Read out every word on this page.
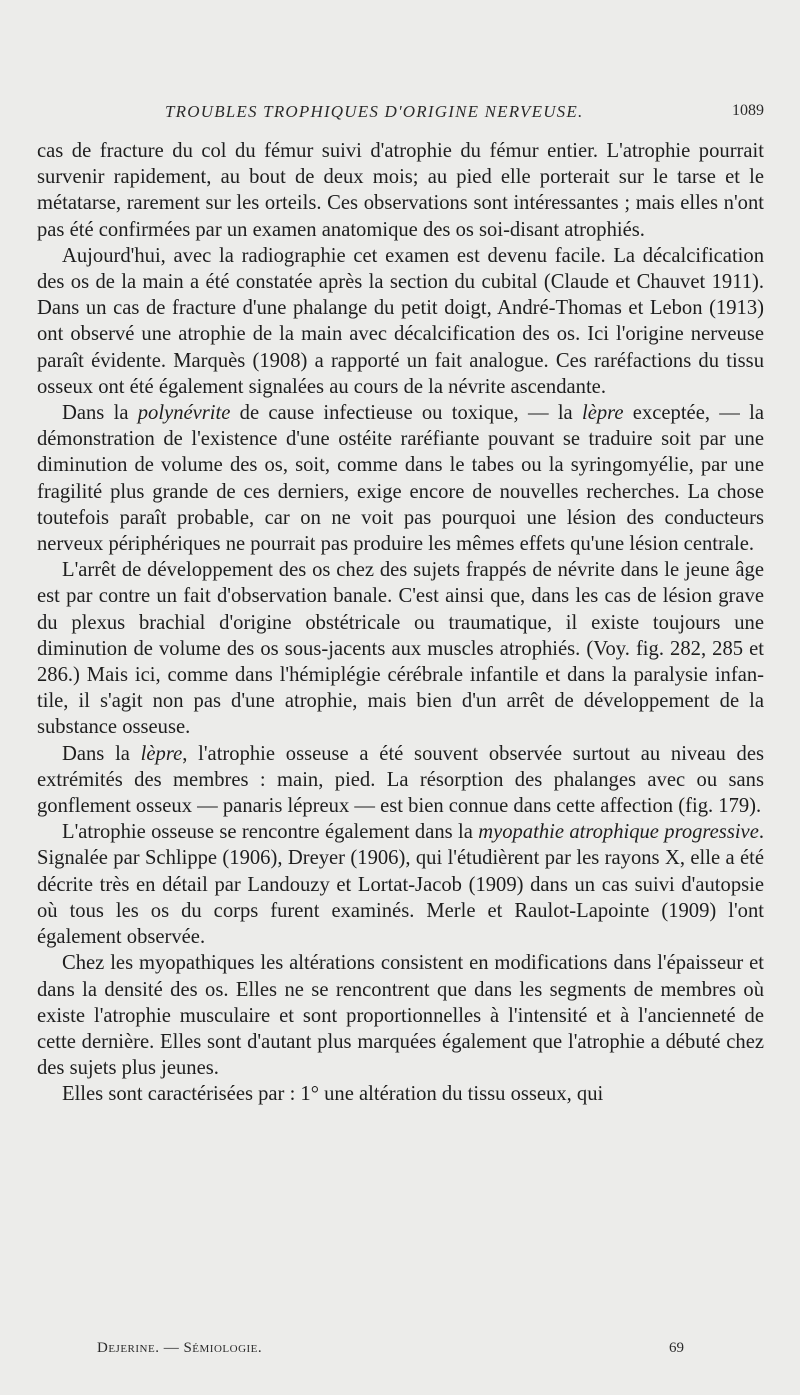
TROUBLES TROPHIQUES D'ORIGINE NERVEUSE.	1089

cas de fracture du col du fémur suivi d'atrophie du fémur entier. L'atrophie pourrait survenir rapidement, au bout de deux mois; au pied elle porterait sur le tarse et le métatarse, rarement sur les orteils. Ces observations sont intéressantes ; mais elles n'ont pas été confirmées par un examen anatomique des os soi-disant atrophiés.

Aujourd'hui, avec la radiographie cet examen est devenu facile. La décalcification des os de la main a été constatée après la section du cubital (Claude et Chauvet 1911). Dans un cas de fracture d'une phalange du petit doigt, André-Thomas et Lebon (1913) ont observé une atrophie de la main avec décalcification des os. Ici l'origine nerveuse paraît évidente. Marquès (1908) a rapporté un fait analogue. Ces raréfactions du tissu osseux ont été également signalées au cours de la névrite ascendante.

Dans la polynévrite de cause infectieuse ou toxique, — la lèpre exceptée, — la démonstration de l'existence d'une ostéite raréfiante pouvant se traduire soit par une diminution de volume des os, soit, comme dans le tabes ou la syringomyélie, par une fragilité plus grande de ces derniers, exige encore de nouvelles recherches. La chose toutefois paraît probable, car on ne voit pas pourquoi une lésion des conducteurs nerveux périphériques ne pourrait pas produire les mêmes effets qu'une lésion centrale.

L'arrêt de développement des os chez des sujets frappés de névrite dans le jeune âge est par contre un fait d'observation banale. C'est ainsi que, dans les cas de lésion grave du plexus brachial d'origine obstétricale ou traumatique, il existe toujours une diminution de volume des os sous-jacents aux muscles atrophiés. (Voy. fig. 282, 285 et 286.) Mais ici, comme dans l'hémiplégie cérébrale infantile et dans la paralysie infantile, il s'agit non pas d'une atrophie, mais bien d'un arrêt de développement de la substance osseuse.

Dans la lèpre, l'atrophie osseuse a été souvent observée surtout au niveau des extrémités des membres : main, pied. La résorption des phalanges avec ou sans gonflement osseux — panaris lépreux — est bien connue dans cette affection (fig. 179).

L'atrophie osseuse se rencontre également dans la myopathie atrophique progressive. Signalée par Schlippe (1906), Dreyer (1906), qui l'étudièrent par les rayons X, elle a été décrite très en détail par Landouzy et Lortat-Jacob (1909) dans un cas suivi d'autopsie où tous les os du corps furent examinés. Merle et Raulot-Lapointe (1909) l'ont également observée.

Chez les myopathiques les altérations consistent en modifications dans l'épaisseur et dans la densité des os. Elles ne se rencontrent que dans les segments de membres où existe l'atrophie musculaire et sont proportionnelles à l'intensité et à l'ancienneté de cette dernière. Elles sont d'autant plus marquées également que l'atrophie a débuté chez des sujets plus jeunes.

Elles sont caractérisées par : 1° une altération du tissu osseux, qui

Dejerine. — Sémiologie.	69
